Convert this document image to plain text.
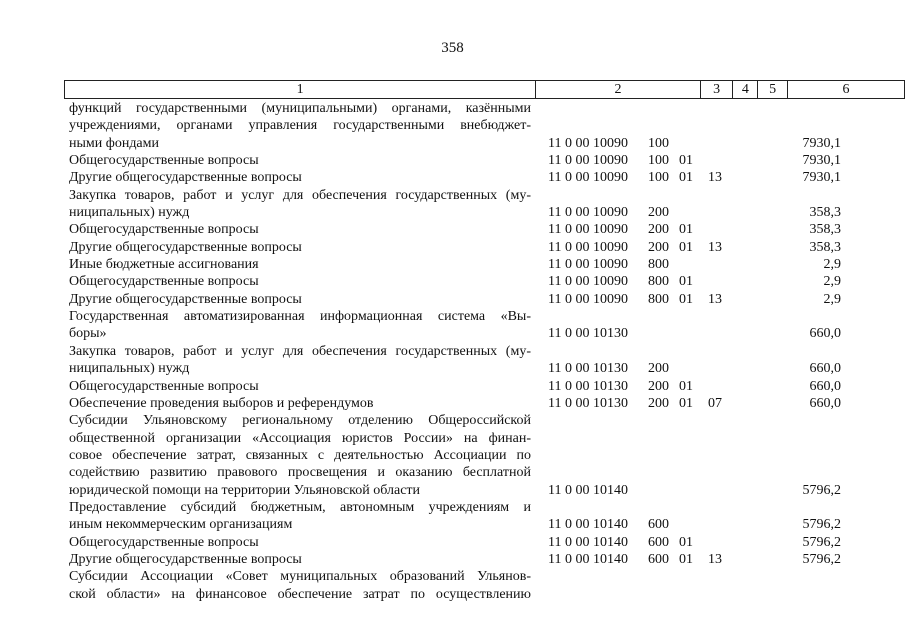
358
1	2	3	4	5	6
функций государственными (муниципальными) органами, казёнными
учреждениями, органами управления государственными внебюджет-
ными фондами	11 0 00 10090 100	7930,1
Общегосударственные вопросы	11 0 00 10090 100 01	7930,1
Другие общегосударственные вопросы	11 0 00 10090 100 01 13	7930,1
Закупка товаров, работ и услуг для обеспечения государственных (му-
ниципальных) нужд	11 0 00 10090 200	358,3
Общегосударственные вопросы	11 0 00 10090 200 01	358,3
Другие общегосударственные вопросы	11 0 00 10090 200 01 13	358,3
Иные бюджетные ассигнования	11 0 00 10090 800	2,9
Общегосударственные вопросы	11 0 00 10090 800 01	2,9
Другие общегосударственные вопросы	11 0 00 10090 800 01 13	2,9
Государственная автоматизированная информационная система «Вы-
боры»	11 0 00 10130	660,0
Закупка товаров, работ и услуг для обеспечения государственных (му-
ниципальных) нужд	11 0 00 10130 200	660,0
Общегосударственные вопросы	11 0 00 10130 200 01	660,0
Обеспечение проведения выборов и референдумов	11 0 00 10130 200 01 07	660,0
Субсидии Ульяновскому региональному отделению Общероссийской
общественной организации «Ассоциация юристов России» на финан-
совое обеспечение затрат, связанных с деятельностью Ассоциации по
содействию развитию правового просвещения и оказанию бесплатной
юридической помощи на территории Ульяновской области	11 0 00 10140	5796,2
Предоставление субсидий бюджетным, автономным учреждениям и
иным некоммерческим организациям	11 0 00 10140 600	5796,2
Общегосударственные вопросы	11 0 00 10140 600 01	5796,2
Другие общегосударственные вопросы	11 0 00 10140 600 01 13	5796,2
Субсидии Ассоциации «Совет муниципальных образований Ульянов-
ской области» на финансовое обеспечение затрат по осуществлению
